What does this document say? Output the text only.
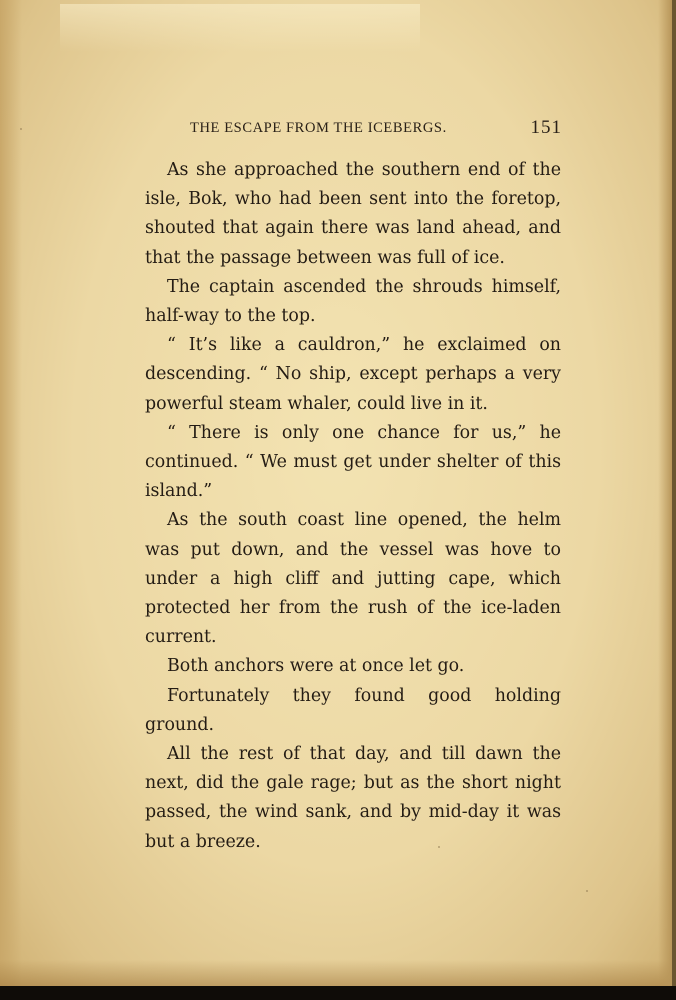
THE ESCAPE FROM THE ICEBERGS.	151

As she approached the southern end of the isle, Bok, who had been sent into the foretop, shouted that again there was land ahead, and that the passage between was full of ice.

The captain ascended the shrouds himself, half-way to the top.

“ It’s like a cauldron,” he exclaimed on descending. “ No ship, except perhaps a very powerful steam whaler, could live in it.

“ There is only one chance for us,” he continued. “ We must get under shelter of this island.”

As the south coast line opened, the helm was put down, and the vessel was hove to under a high cliff and jutting cape, which protected her from the rush of the ice-laden current.

Both anchors were at once let go.

Fortunately they found good holding ground.

All the rest of that day, and till dawn the next, did the gale rage; but as the short night passed, the wind sank, and by mid-day it was but a breeze.
